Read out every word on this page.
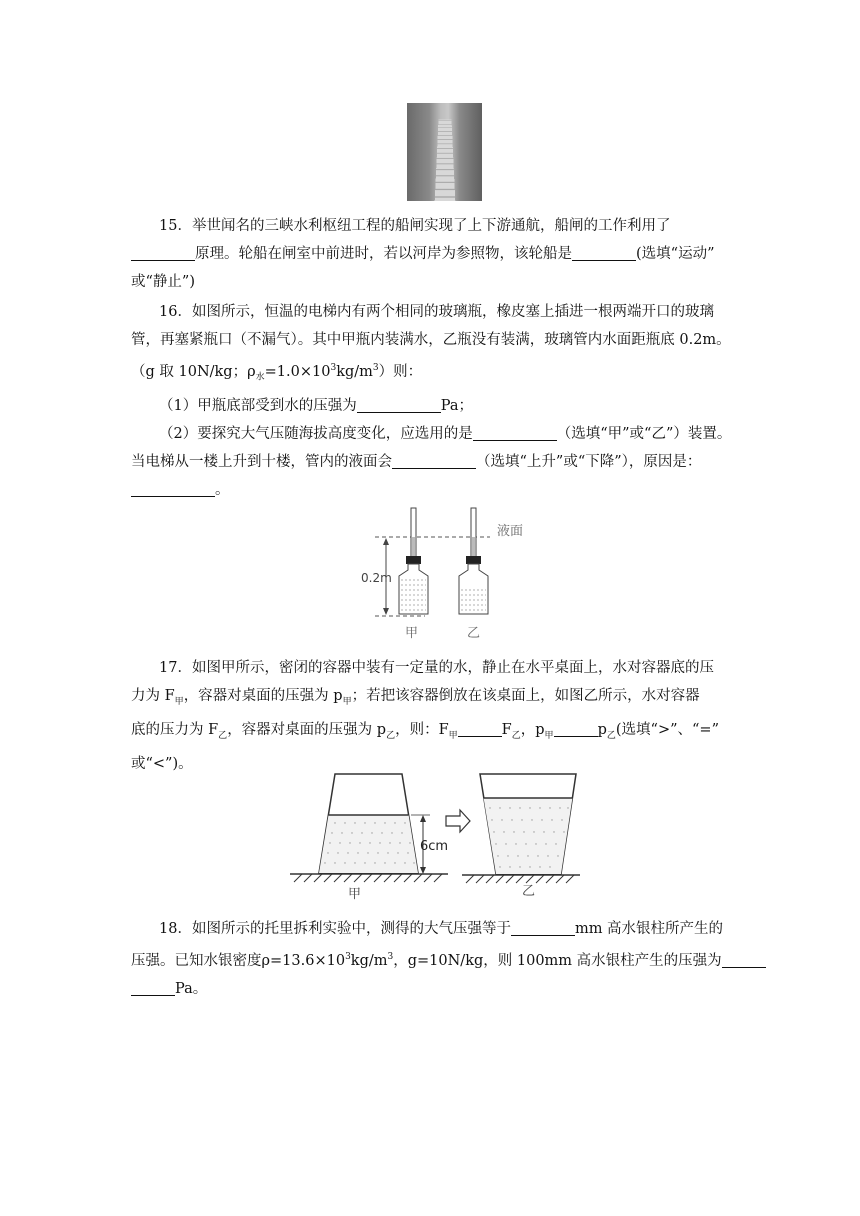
15．举世闻名的三峡水利枢纽工程的船闸实现了上下游通航，船闸的工作利用了
原理。轮船在闸室中前进时，若以河岸为参照物，该轮船是	(选填“运动”
或“静止”)
16．如图所示，恒温的电梯内有两个相同的玻璃瓶，橡皮塞上插进一根两端开口的玻璃
管，再塞紧瓶口（不漏气）。其中甲瓶内装满水，乙瓶没有装满，玻璃管内水面距瓶底 0.2m。
（g 取 10N/kg；$\rho_水=1.0\times 10^3kg/m^3$）则：
（1）甲瓶底部受到水的压强为	Pa；
（2）要探究大气压随海拔高度变化，应选用的是	（选填“甲”或“乙”）装置。
当电梯从一楼上升到十楼，管内的液面会	（选填“上升”或“下降”），原因是：
。
0.2m
液面
甲	乙
17．如图甲所示，密闭的容器中装有一定量的水，静止在水平桌面上，水对容器底的压
力为 $F_甲$，容器对桌面的压强为 $p_甲$；若把该容器倒放在该桌面上，如图乙所示，水对容器
底的压力为 $F_乙$，容器对桌面的压强为 $p_乙$，则：$F_甲$	$F_乙$，$p_甲$	$p_乙$(选填“>”、“=”
或“<”)。
6cm
甲	乙
18．如图所示的托里拆利实验中，测得的大气压强等于	mm 高水银柱所产生的
压强。已知水银密度$\rho=13.6\times 10^3kg/m^3$，g=10N/kg，则 100mm 高水银柱产生的压强为
Pa。
